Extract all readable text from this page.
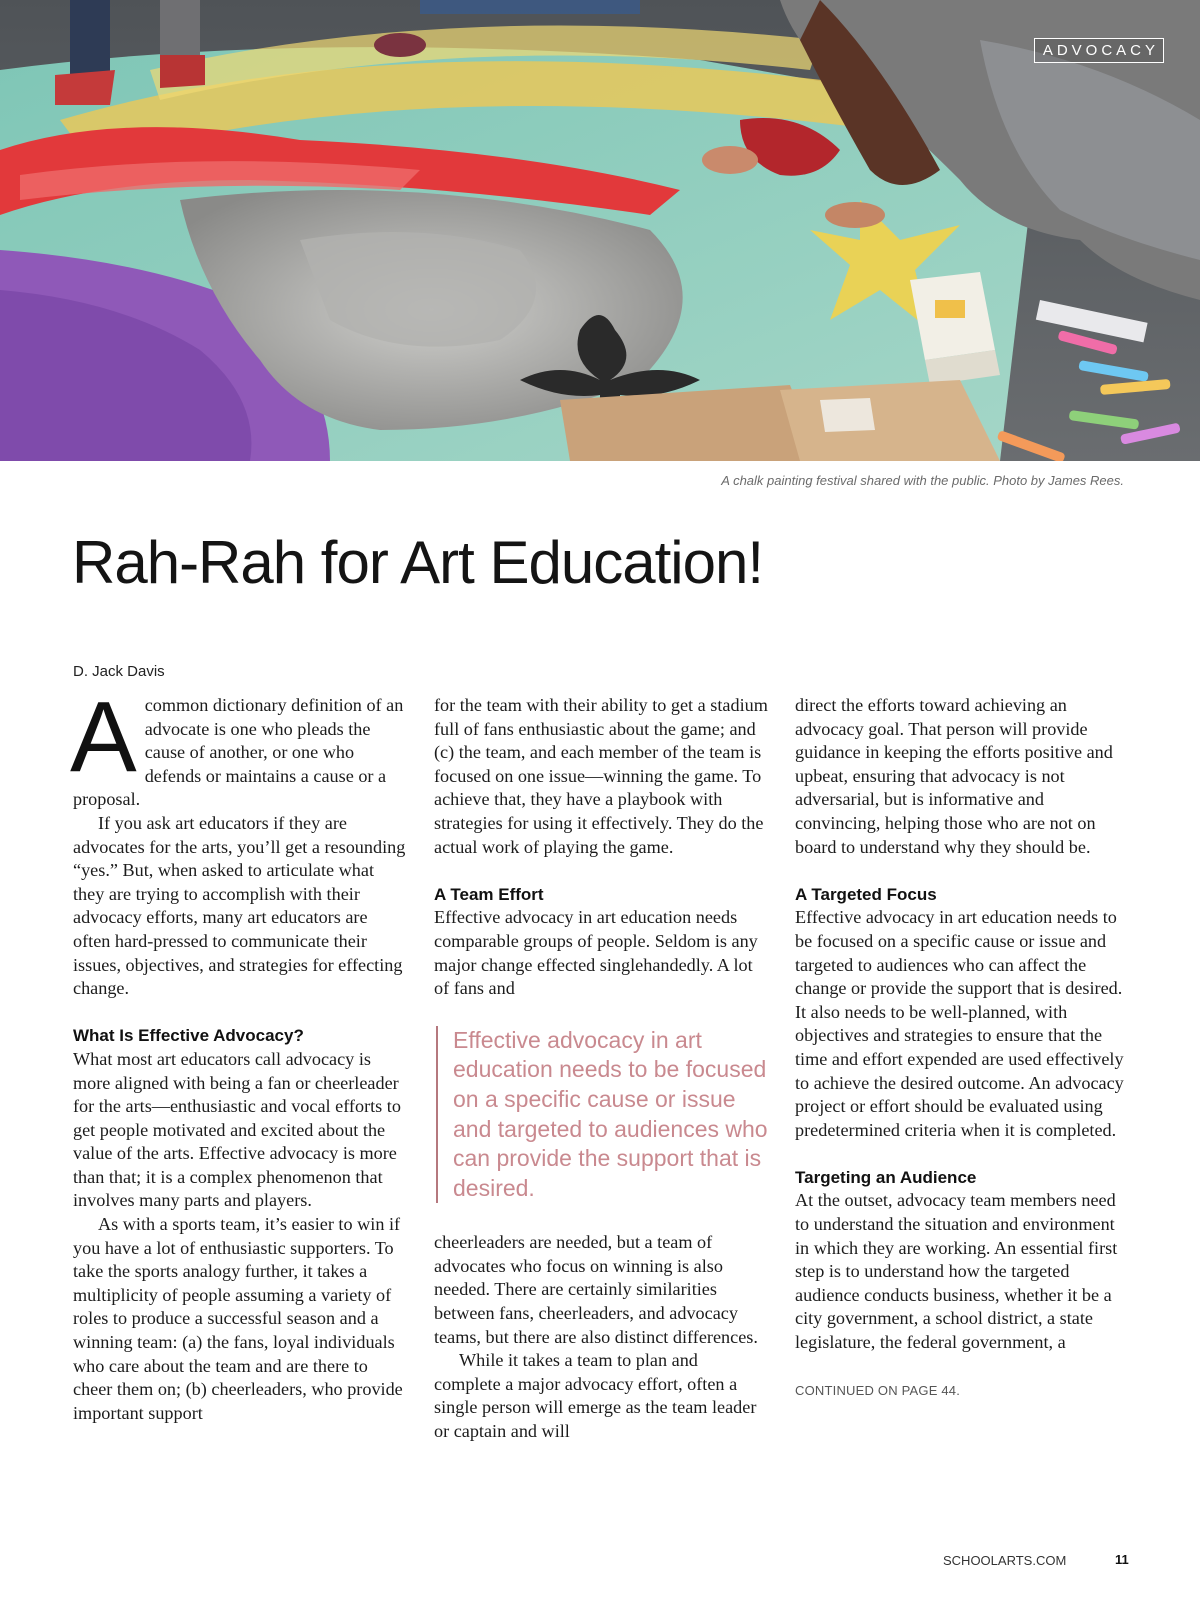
ADVOCACY
A chalk painting festival shared with the public. Photo by James Rees.
Rah-Rah for Art Education!
D. Jack Davis

Acommon dictionary definition of an advocate is one who pleads the cause of another, or one who defends or maintains a cause or a proposal.

If you ask art educators if they are advocates for the arts, you’ll get a resounding “yes.” But, when asked to articulate what they are trying to accomplish with their advocacy efforts, many art educators are often hard-pressed to communicate their issues, objectives, and strategies for effecting change.

What Is Effective Advocacy?

What most art educators call advocacy is more aligned with being a fan or cheerleader for the arts—enthusiastic and vocal efforts to get people motivated and excited about the value of the arts. Effective advocacy is more than that; it is a complex phenomenon that involves many parts and players.

As with a sports team, it’s easier to win if you have a lot of enthusiastic supporters. To take the sports analogy further, it takes a multiplicity of people assuming a variety of roles to produce a successful season and a winning team: (a) the fans, loyal individuals who care about the team and are there to cheer them on; (b) cheerleaders, who provide important support

for the team with their ability to get a stadium full of fans enthusiastic about the game; and (c) the team, and each member of the team is focused on one issue—winning the game. To achieve that, they have a playbook with strategies for using it effectively. They do the actual work of playing the game.

A Team Effort

Effective advocacy in art education needs comparable groups of people. Seldom is any major change effected singlehandedly. A lot of fans and

Effective advocacy in art education needs to be focused on a specific cause or issue and targeted to audiences who can provide the support that is desired.

cheerleaders are needed, but a team of advocates who focus on winning is also needed. There are certainly similarities between fans, cheerleaders, and advocacy teams, but there are also distinct differences.

While it takes a team to plan and complete a major advocacy effort, often a single person will emerge as the team leader or captain and will

direct the efforts toward achieving an advocacy goal. That person will provide guidance in keeping the efforts positive and upbeat, ensuring that advocacy is not adversarial, but is informative and convincing, helping those who are not on board to understand why they should be.

A Targeted Focus

Effective advocacy in art education needs to be focused on a specific cause or issue and targeted to audiences who can affect the change or provide the support that is desired. It also needs to be well-planned, with objectives and strategies to ensure that the time and effort expended are used effectively to achieve the desired outcome. An advocacy project or effort should be evaluated using predetermined criteria when it is completed.

Targeting an Audience

At the outset, advocacy team members need to understand the situation and environment in which they are working. An essential first step is to understand how the targeted audience conducts business, whether it be a city government, a school district, a state legislature, the federal government, a

CONTINUED ON PAGE 44.
SCHOOLARTS.COM	11
